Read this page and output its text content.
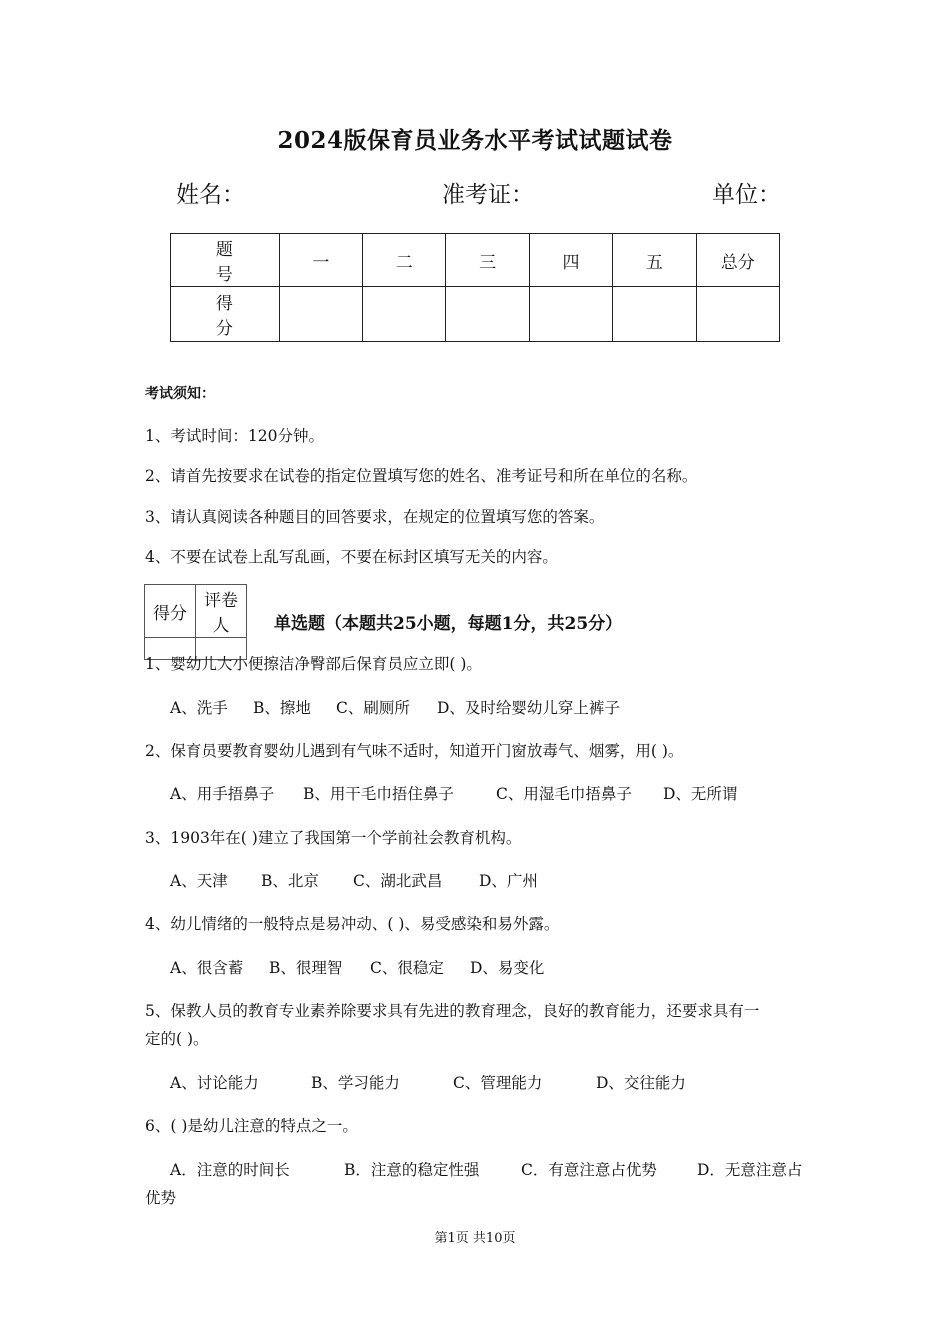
2024版保育员业务水平考试试题试卷
姓名：	准考证：	单位：
题 号	一	二	三	四	五	总分
得 分						
考试须知：
1、考试时间：120分钟。
2、请首先按要求在试卷的指定位置填写您的姓名、准考证号和所在单位的名称。
3、请认真阅读各种题目的回答要求，在规定的位置填写您的答案。
4、不要在试卷上乱写乱画，不要在标封区填写无关的内容。
得分	评卷人
		单选题（本题共25小题，每题1分，共25分）
1、婴幼儿大小便擦洁净臀部后保育员应立即( )。
A、洗手 B、擦地 C、刷厕所 D、及时给婴幼儿穿上裤子
2、保育员要教育婴幼儿遇到有气味不适时，知道开门窗放毒气、烟雾，用( )。
A、用手捂鼻子 B、用干毛巾捂住鼻子	C、用湿毛巾捂鼻子 D、无所谓
3、1903年在( )建立了我国第一个学前社会教育机构。
A、天津 B、北京 C、湖北武昌 D、广州
4、幼儿情绪的一般特点是易冲动、( )、易受感染和易外露。
A、很含蓄 B、很理智 C、很稳定 D、易变化
5、保教人员的教育专业素养除要求具有先进的教育理念，良好的教育能力，还要求具有一
定的( )。
A、讨论能力	B、学习能力	C、管理能力	D、交往能力
6、( )是幼儿注意的特点之一。
A．注意的时间长	B．注意的稳定性强	C．有意注意占优势	D．无意注意占
优势
第1页 共10页
